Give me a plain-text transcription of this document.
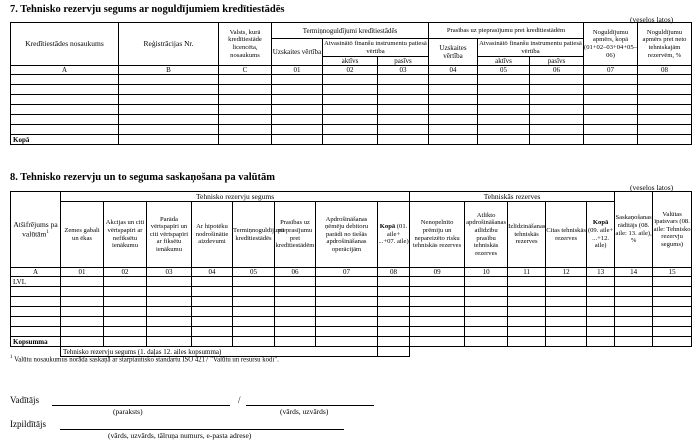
7. Tehnisko rezervju segums ar noguldījumiem kredītiestādēs
(veselos latos)
Kredītiestādes nosaukums	Reģistrācijas Nr.	Valsts, kurā kredītiestāde licencēta, nosaukums	Termiņnoguldījumi kredītiestādēs			Prasības uz pieprasījumu pret kredītiestādēm			Noguldījumu apmērs, kopā (01+02–03+04+05–06)	Noguldījumu apmērs pret neto tehniskajām rezervēm, %
			Uzskaites vērtība	Atvasinātō finanšu instrumentu patiesā vērtība		Uzskaites vērtība	Atvasinātō finanšu instrumentu patiesā vērtība			
				aktīvs	pasīvs		aktīvs	pasīvs		
A	B	C	01	02	03	04	05	06	07	08

Kopā										
8. Tehnisko rezervju un to seguma saskaņošana pa valūtām
(veselos latos)
Atšifrējums pa valūtām$^1$	Tehnisko rezervju segums								Tehniskās rezerves					Saskaņošanas rādītājs (08. aile: 13. aile), %	Valūtas īpatsvars (08. aile: Tehnisko rezervju segums)
	Zemes gabali un ēkas	Akcijas un citi vērtspapīri ar nefiksētu ienākumu	Parāda vērtspapīri un citi vērtspapīri ar fiksētu ienākumu	Ar hipotēku nodrošinātie aizdevumi	Termiņnoguldījumi kredītiestādēs	Prasības uz pieprasījumu pret kredītiestādēm	Apdrošināšanas ņēmēju debitoru parādi no tiešās apdrošināšanas operācijām	Kopā (01. aile+ ...+07. aile)	Nenopelnīto prēmiju un nepareizēto risku tehniskās rezerves	Atlikto apdrošināšanas atlīdzību prasību tehniskās rezerves	Izlīdzināšanas tehniskās rezerves	Citas tehniskās rezerves	Kopā (09. aile+ ...+12. aile)		
A	01	02	03	04	05	06	07	08	09	10	11	12	13	14	15
LVL															

Kopsumma															
	Tehnisko rezervju segums (1. daļas 12. ailes kopsumma)														
$^1$ Valūtu nosaukumus norāda saskaņā ar starptautisko standartu ISO 4217 "Valūtu un resursu kodi".
Vadītājs	/
(paraksts)	(vārds, uzvārds)
Izpildītājs
(vārds, uzvārds, tālruņa numurs, e-pasta adrese)
